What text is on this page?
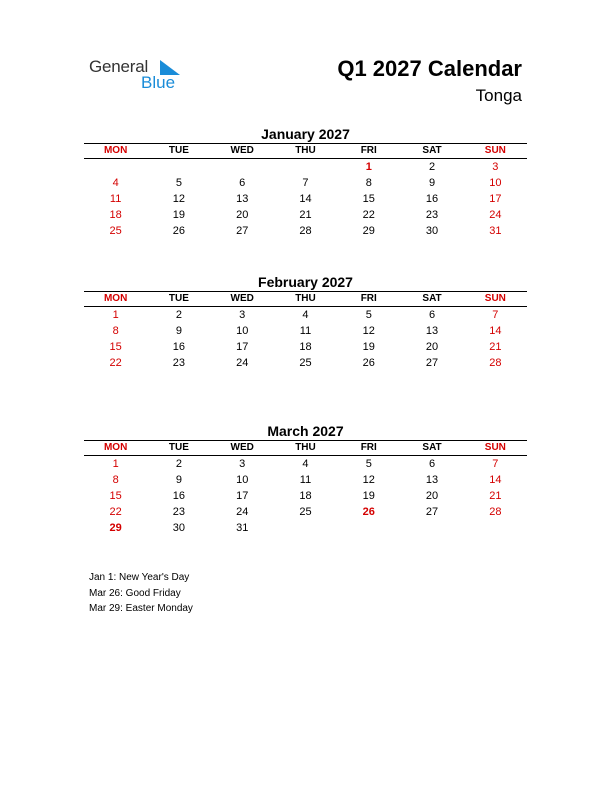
General
Blue
Q1 2027 Calendar
Tonga
January 2027
MON	TUE	WED	THU	FRI	SAT	SUN
				1	2	3
4	5	6	7	8	9	10
11	12	13	14	15	16	17
18	19	20	21	22	23	24
25	26	27	28	29	30	31
February 2027
MON	TUE	WED	THU	FRI	SAT	SUN
1	2	3	4	5	6	7
8	9	10	11	12	13	14
15	16	17	18	19	20	21
22	23	24	25	26	27	28
March 2027
MON	TUE	WED	THU	FRI	SAT	SUN
1	2	3	4	5	6	7
8	9	10	11	12	13	14
15	16	17	18	19	20	21
22	23	24	25	26	27	28
29	30	31				
Jan 1: New Year's Day
Mar 26: Good Friday
Mar 29: Easter Monday
